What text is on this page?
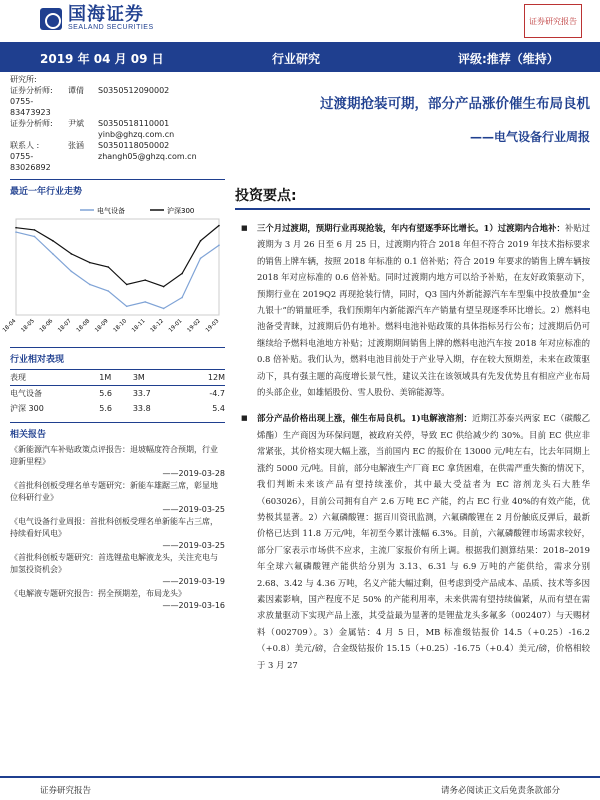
国海证券
SEALAND SECURITIES
证券研究报告
2019 年 04 月 09 日	行业研究	评级:推荐（维持）
研究所:
证券分析师:	谭倩	S0350512090002
0755-83473923
证券分析师:	尹斌	S0350518110001
yinb@ghzq.com.cn
联系人 :	张涵	S0350118050002
0755-83026892
zhangh05@ghzq.com.cn
最近一年行业走势
电气设备	沪深300
18-04 18-05 18-06 18-07 18-08 18-09 18-10 18-11 18-12 19-01 19-02 19-03
行业相对表现
表现	1M	3M	12M
电气设备	5.6	33.7	-4.7
沪深 300	5.6	33.8	5.4
相关报告
《新能源汽车补贴政策点评报告：退坡幅度符合预期，行业迎新里程》
——2019-03-28
《首批科创板受理名单专题研究：新能车雄踞三席，彰显地位科研行业》
——2019-03-25
《电气设备行业周报：首批科创板受理名单新能车占三席，持续看好风电》
——2019-03-25
《首批科创板专题研究：首选锂盐电解液龙头，关注充电与加氢投资机会》
——2019-03-19
《电解液专题研究报告：拐全预期差，布局龙头》
——2019-03-16
过渡期抢装可期，部分产品涨价催生布局良机
——电气设备行业周报
投资要点:
■ 三个月过渡期，预期行业再现抢装，年内有望逐季环比增长。1）过渡期内合地补：补贴过渡期为 3 月 26 日至 6 月 25 日，过渡期内符合 2018 年但不符合 2019 年技术指标要求的销售上牌车辆，按照 2018 年标准的 0.1 倍补贴；符合 2019 年要求的销售上牌车辆按 2018 年对应标准的 0.6 倍补贴。同时过渡期内地方可以给予补贴，在友好政策驱动下，预期行业在 2019Q2 再现抢装行情，同时，Q3 国内外新能源汽车车型集中投放叠加“金九银十”的销量旺季，我们预期年内新能源汽车产销量有望呈现逐季环比增长。2）燃料电池备受青睐，过渡期后仍有地补。燃料电池补贴政策的具体指标另行公布；过渡期后仍可继续给予燃料电池地方补贴；过渡期期间销售上牌的燃料电池汽车按 2018 年对应标准的 0.8 倍补贴。我们认为，燃料电池目前处于产业导入期，存在较大预期差，未来在政策驱动下，具有强主题的高度增长景气性，建议关注在该领域具有先发优势且有相应产业布局的头部企业，如雄韬股份、雪人股份、美锦能源等。
■ 部分产品价格出现上涨，催生布局良机。1)电解液溶剂：近期江苏泰兴两家 EC（碳酸乙烯酯）生产商因为环保问题，被政府关停，导致 EC 供给减少约 30%。目前 EC 供应非常紧张，其价格实现大幅上涨，当前国内 EC 的报价在 13000 元/吨左右，比去年同期上涨约 5000 元/吨。目前，部分电解液生产厂商 EC 拿货困难，在供需严重失衡的情况下，我们判断未来该产品有望持续涨价，其中最大受益者为 EC 溶剂龙头石大胜华（603026），目前公司拥有自产 2.6 万吨 EC 产能，约占 EC 行业 40%的有效产能，优势极其显著。2）六氟磷酸锂：据百川资讯监测，六氟磷酸锂在 2 月份触底反弹后，最新价格已达到 11.8 万元/吨，年初至今累计涨幅 6.3%。目前，六氟磷酸锂市场需求较好，部分厂家表示市场供不应求，主流厂家报价有所上调。根据我们测算结果：2018–2019 年全球六氟磷酸锂产能供给分别为 3.13、6.31 与 6.9 万吨的产能供给，需求分别 2.68、3.42 与 4.36 万吨，名义产能大幅过剩，但考虑到受产品成本、品质、技术等多因素因素影响，国产程度不足 50% 的产能利用率，未来供需有望持续偏紧，从而有望在需求放量驱动下实现产品上涨，其受益最为显著的是锂盐龙头多氟多（002407）与天赐材料（002709）。3）金属钴：4 月 5 日，MB 标准级钴报价 14.5（+0.25）-16.2（+0.8）美元/磅，合金级钴报价 15.15（+0.25）-16.75（+0.4）美元/磅，价格相较于 3 月 27
证券研究报告	请务必阅读正文后免责条款部分
